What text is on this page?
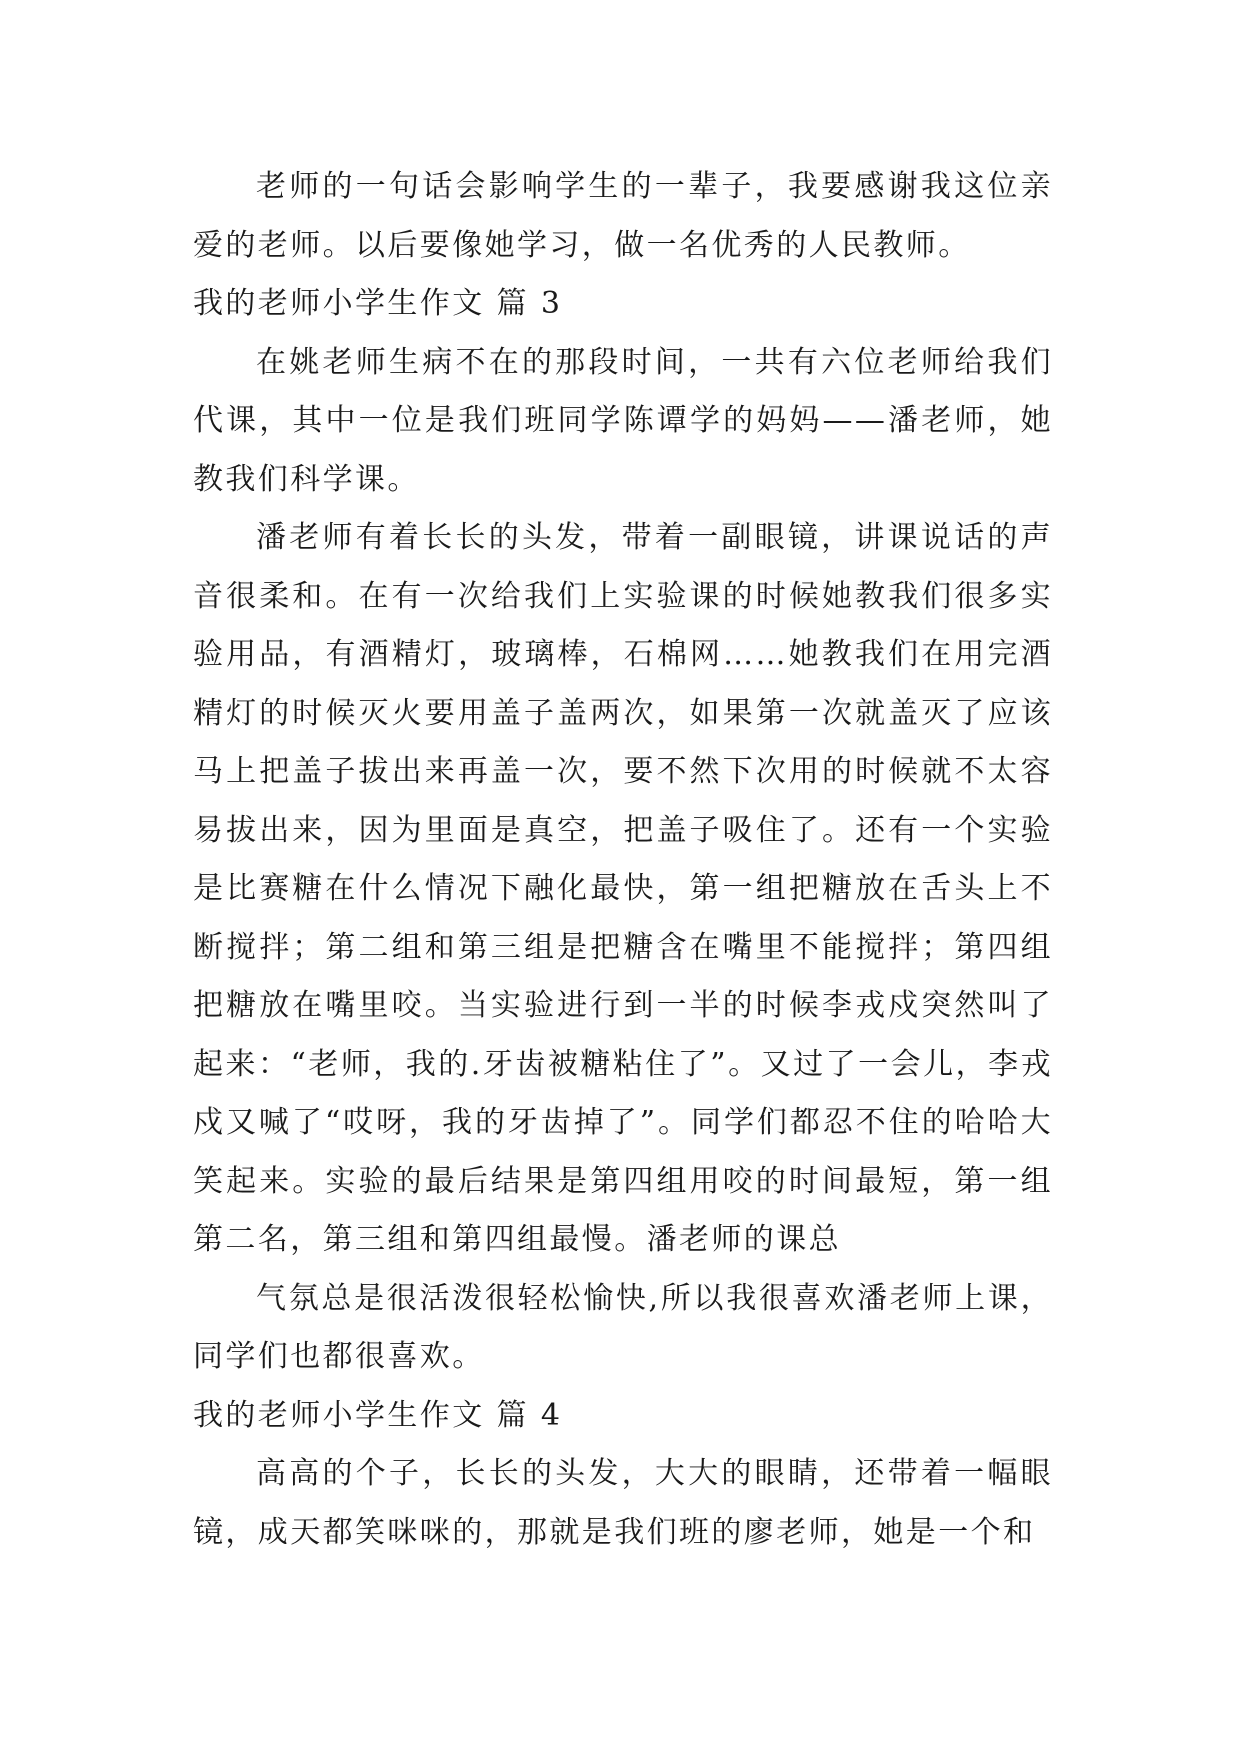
老师的一句话会影响学生的一辈子，我要感谢我这位亲爱的老师。以后要像她学习，做一名优秀的人民教师。

我的老师小学生作文 篇 3

在姚老师生病不在的那段时间，一共有六位老师给我们代课，其中一位是我们班同学陈谭学的妈妈——潘老师，她教我们科学课。

潘老师有着长长的头发，带着一副眼镜，讲课说话的声音很柔和。在有一次给我们上实验课的时候她教我们很多实验用品，有酒精灯，玻璃棒，石棉网……她教我们在用完酒精灯的时候灭火要用盖子盖两次，如果第一次就盖灭了应该马上把盖子拔出来再盖一次，要不然下次用的时候就不太容易拔出来，因为里面是真空，把盖子吸住了。还有一个实验是比赛糖在什么情况下融化最快，第一组把糖放在舌头上不断搅拌；第二组和第三组是把糖含在嘴里不能搅拌；第四组把糖放在嘴里咬。当实验进行到一半的时候李戎戍突然叫了起来：“老师，我的.牙齿被糖粘住了”。又过了一会儿，李戎戍又喊了“哎呀，我的牙齿掉了”。同学们都忍不住的哈哈大笑起来。实验的最后结果是第四组用咬的时间最短，第一组第二名，第三组和第四组最慢。潘老师的课总

气氛总是很活泼很轻松愉快,所以我很喜欢潘老师上课，同学们也都很喜欢。

我的老师小学生作文 篇 4

高高的个子，长长的头发，大大的眼睛，还带着一幅眼镜，成天都笑咪咪的，那就是我们班的廖老师，她是一个和
